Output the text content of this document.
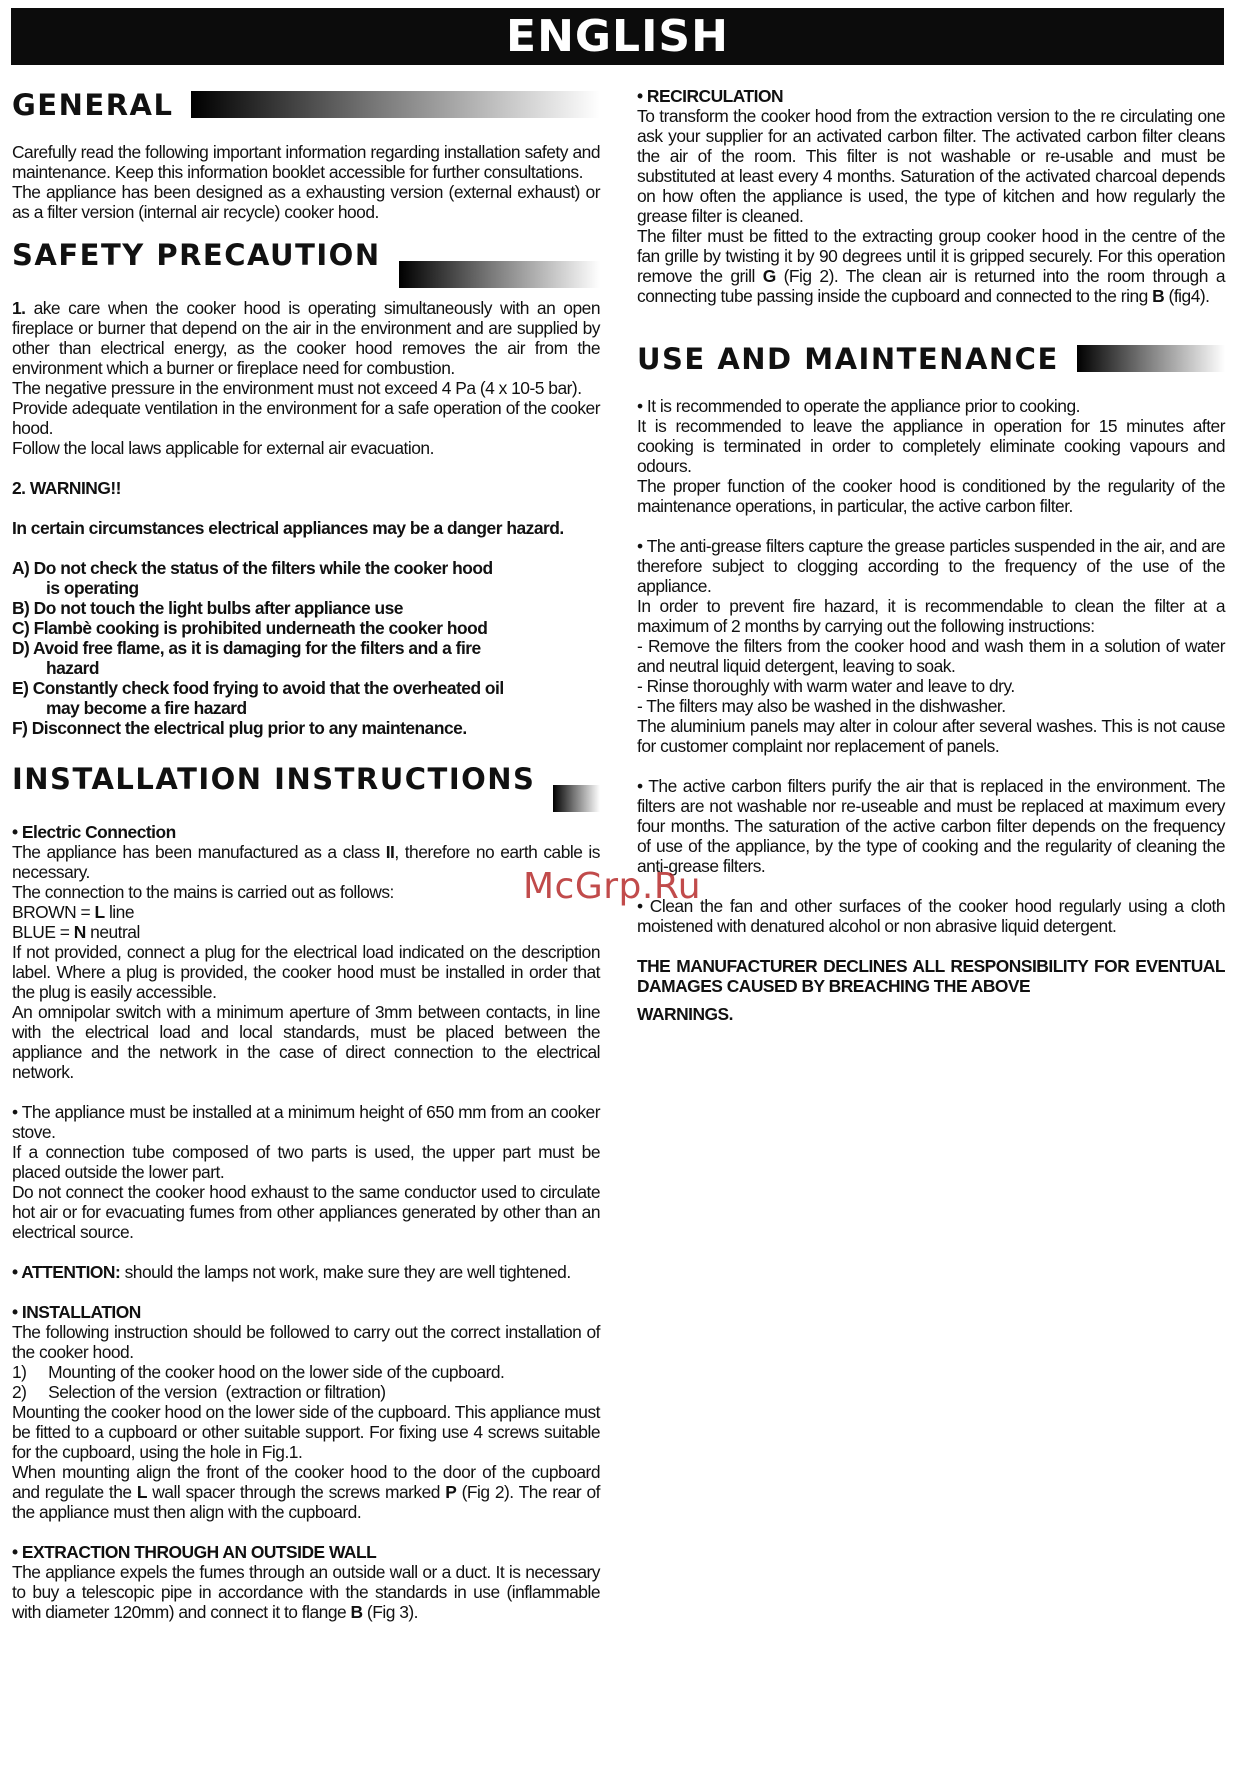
ENGLISH
GENERAL

Carefully read the following important information regarding installation safety and maintenance. Keep this information booklet accessible for further consultations.

The appliance has been designed as a exhausting version (external exhaust) or as a filter version (internal air recycle) cooker hood.

SAFETY PRECAUTION

1. ake care when the cooker hood is operating simultaneously with an open fireplace or burner that depend on the air in the environment and are supplied by other than electrical energy, as the cooker hood removes the air from the environment which a burner or fireplace need for combustion.

The negative pressure in the environment must not exceed 4 Pa (4 x 10-5 bar).

Provide adequate ventilation in the environment for a safe operation of the cooker hood.

Follow the local laws applicable for external air evacuation.

2. WARNING!!

In certain circumstances electrical appliances may be a danger hazard.

A) Do not check the status of the filters while the cooker hood

is operating

B) Do not touch the light bulbs after appliance use

C) Flambè cooking is prohibited underneath the cooker hood

D) Avoid free flame, as it is damaging for the filters and a fire

hazard

E) Constantly check food frying to avoid that the overheated oil

may become a fire hazard

F) Disconnect the electrical plug prior to any maintenance.

INSTALLATION INSTRUCTIONS

• Electric Connection

The appliance has been manufactured as a class II, therefore no earth cable is necessary.

The connection to the mains is carried out as follows:

BROWN = L line

BLUE = N neutral

If not provided, connect a plug for the electrical load indicated on the description label. Where a plug is provided, the cooker hood must be installed in order that the plug is easily accessible.

An omnipolar switch with a minimum aperture of 3mm between contacts, in line with the electrical load and local standards, must be placed between the appliance and the network in the case of direct connection to the electrical network.

• The appliance must be installed at a minimum height of 650 mm from an cooker stove.

If a connection tube composed of two parts is used, the upper part must be placed outside the lower part.

Do not connect the cooker hood exhaust to the same conductor used to circulate hot air or for evacuating fumes from other appliances generated by other than an electrical source.

• ATTENTION: should the lamps not work, make sure they are well tightened.

• INSTALLATION

The following instruction should be followed to carry out the correct installation of the cooker hood.

1)     Mounting of the cooker hood on the lower side of the cupboard.

2)     Selection of the version  (extraction or filtration)

Mounting the cooker hood on the lower side of the cupboard. This appliance must be fitted to a cupboard or other suitable support. For fixing use 4 screws suitable for the cupboard, using the hole in Fig.1.

When mounting align the front of the cooker hood to the door of the cupboard and regulate the L wall spacer through the screws marked P (Fig 2). The rear of the appliance must then align with the cupboard.

• EXTRACTION THROUGH AN OUTSIDE WALL

The appliance expels the fumes through an outside wall or a duct. It is necessary to buy a telescopic pipe in accordance with the standards in use (inflammable with diameter 120mm) and connect it to flange B (Fig 3).

• RECIRCULATION

To transform the cooker hood from the extraction version to the re circulating one ask your supplier for an activated carbon filter. The activated carbon filter cleans the air of the room. This filter is not washable or re-usable and must be substituted at least every 4 months. Saturation of the activated charcoal depends on how often the appliance is used, the type of kitchen and how regularly the grease filter is cleaned.

The filter must be fitted to the extracting group cooker hood in the centre of the fan grille by twisting it by 90 degrees until it is gripped securely. For this operation remove the grill G (Fig 2). The clean air is returned into the room through a connecting tube passing inside the cupboard and connected to the ring B (fig4).

USE AND MAINTENANCE

• It is recommended to operate the appliance prior to cooking.

It is recommended to leave the appliance in operation for 15 minutes after cooking is terminated in order to completely eliminate cooking vapours and odours.

The proper function of the cooker hood is conditioned by the regularity of the maintenance operations, in particular, the active carbon filter.

• The anti-grease filters capture the grease particles suspended in the air, and are therefore subject to clogging according to the frequency of the use of the appliance.

In order to prevent fire hazard, it is recommendable to clean the filter at a maximum of 2 months by carrying out the following instructions:

- Remove the filters from the cooker hood and wash them in a solution of water and neutral liquid detergent, leaving to soak.

- Rinse thoroughly with warm water and leave to dry.

- The filters may also be washed in the dishwasher.

The aluminium panels may alter in colour after several washes. This is not cause for customer complaint nor replacement of panels.

• The active carbon filters purify the air that is replaced in the environment. The filters are not washable nor re-useable and must be replaced at maximum every four months. The saturation of the active carbon filter depends on the frequency of use of the appliance, by the type of cooking and the regularity of cleaning the anti-grease filters.

• Clean the fan and other surfaces of the cooker hood regularly using a cloth moistened with denatured alcohol or non abrasive liquid detergent.

THE MANUFACTURER DECLINES ALL RESPONSIBILITY FOR EVENTUAL DAMAGES CAUSED BY BREACHING THE ABOVE

WARNINGS.

McGrp.Ru
